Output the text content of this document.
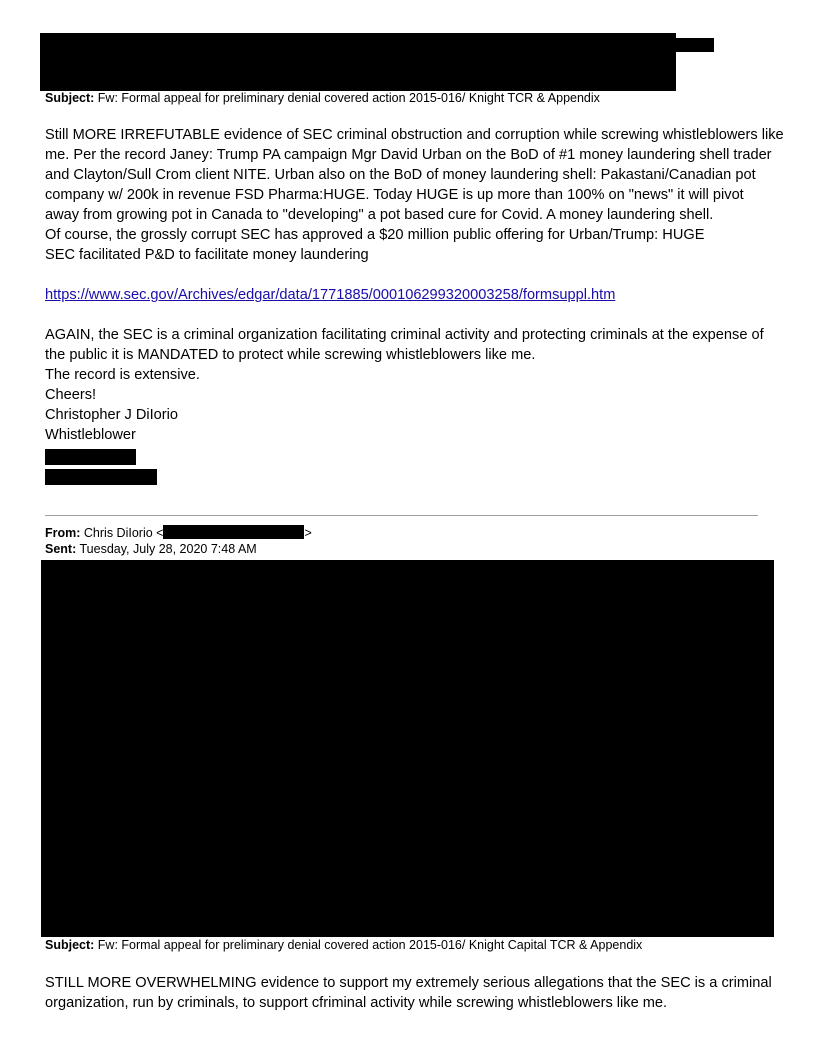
Subject: Fw: Formal appeal for preliminary denial covered action 2015-016/ Knight TCR & Appendix
Still MORE IRREFUTABLE evidence of SEC criminal obstruction and corruption while screwing whistleblowers like
me. Per the record Janey: Trump PA campaign Mgr David Urban on the BoD of #1 money laundering shell trader
and Clayton/Sull Crom client NITE. Urban also on the BoD of money laundering shell: Pakastani/Canadian pot
company w/ 200k in revenue FSD Pharma:HUGE. Today HUGE is up more than 100% on "news" it will pivot
away from growing pot in Canada to "developing" a pot based cure for Covid. A money laundering shell.
Of course, the grossly corrupt SEC has approved a $20 million public offering for Urban/Trump: HUGE
SEC facilitated P&D to facilitate money laundering
https://www.sec.gov/Archives/edgar/data/1771885/000106299320003258/formsuppl.htm
AGAIN, the SEC is a criminal organization facilitating criminal activity and protecting criminals at the expense of
the public it is MANDATED to protect while screwing whistleblowers like me.
The record is extensive.
Cheers!
Christopher J DiIorio
Whistleblower
From: Chris DiIorio <	>
Sent: Tuesday, July 28, 2020 7:48 AM
Subject: Fw: Formal appeal for preliminary denial covered action 2015-016/ Knight Capital TCR & Appendix
STILL MORE OVERWHELMING evidence to support my extremely serious allegations that the SEC is a criminal
organization, run by criminals, to support cfriminal activity while screwing whistleblowers like me.
